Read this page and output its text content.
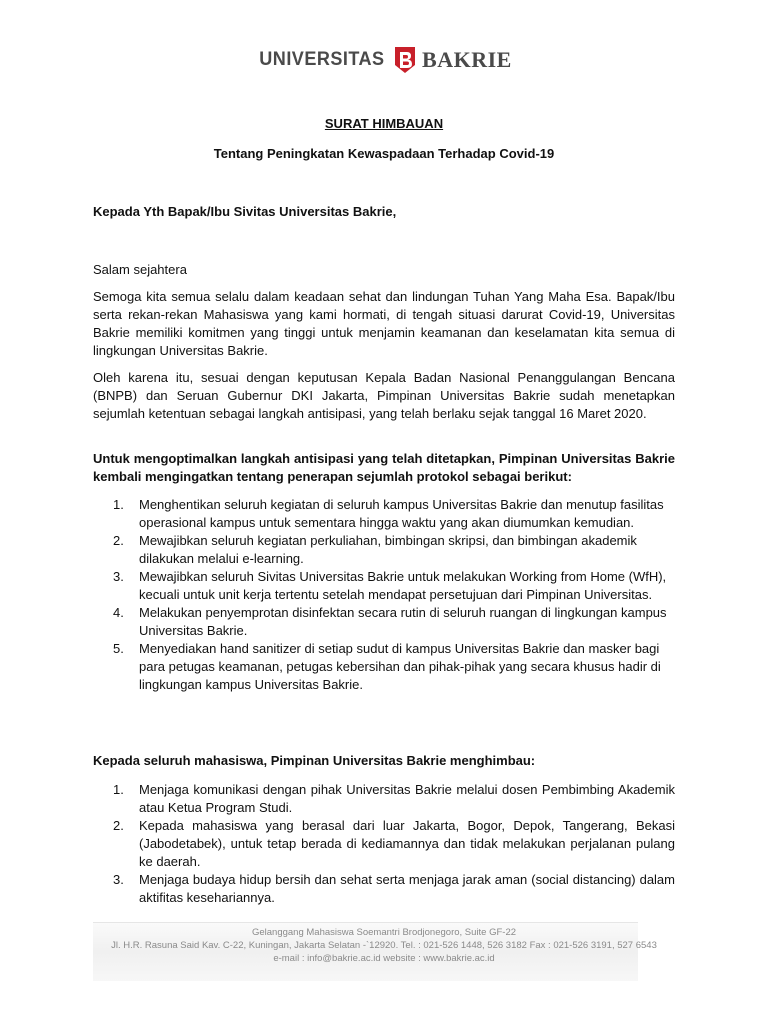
UNIVERSITAS BAKRIE
SURAT HIMBAUAN
Tentang Peningkatan Kewaspadaan Terhadap Covid-19
Kepada Yth Bapak/Ibu Sivitas Universitas Bakrie,
Salam sejahtera
Semoga kita semua selalu dalam keadaan sehat dan lindungan Tuhan Yang Maha Esa. Bapak/Ibu serta rekan-rekan Mahasiswa yang kami hormati, di tengah situasi darurat Covid-19, Universitas Bakrie memiliki komitmen yang tinggi untuk menjamin keamanan dan keselamatan kita semua di lingkungan Universitas Bakrie.
Oleh karena itu, sesuai dengan keputusan Kepala Badan Nasional Penanggulangan Bencana (BNPB) dan Seruan Gubernur DKI Jakarta, Pimpinan Universitas Bakrie sudah menetapkan sejumlah ketentuan sebagai langkah antisipasi, yang telah berlaku sejak tanggal 16 Maret 2020.
Untuk mengoptimalkan langkah antisipasi yang telah ditetapkan, Pimpinan Universitas Bakrie kembali mengingatkan tentang penerapan sejumlah protokol sebagai berikut:
1. Menghentikan seluruh kegiatan di seluruh kampus Universitas Bakrie dan menutup fasilitas operasional kampus untuk sementara hingga waktu yang akan diumumkan kemudian.
2. Mewajibkan seluruh kegiatan perkuliahan, bimbingan skripsi, dan bimbingan akademik dilakukan melalui e-learning.
3. Mewajibkan seluruh Sivitas Universitas Bakrie untuk melakukan Working from Home (WfH), kecuali untuk unit kerja tertentu setelah mendapat persetujuan dari Pimpinan Universitas.
4. Melakukan penyemprotan disinfektan secara rutin di seluruh ruangan di lingkungan kampus Universitas Bakrie.
5. Menyediakan hand sanitizer di setiap sudut di kampus Universitas Bakrie dan masker bagi para petugas keamanan, petugas kebersihan dan pihak-pihak yang secara khusus hadir di lingkungan kampus Universitas Bakrie.
Kepada seluruh mahasiswa, Pimpinan Universitas Bakrie menghimbau:
1. Menjaga komunikasi dengan pihak Universitas Bakrie melalui dosen Pembimbing Akademik atau Ketua Program Studi.
2. Kepada mahasiswa yang berasal dari luar Jakarta, Bogor, Depok, Tangerang, Bekasi (Jabodetabek), untuk tetap berada di kediamannya dan tidak melakukan perjalanan pulang ke daerah.
3. Menjaga budaya hidup bersih dan sehat serta menjaga jarak aman (social distancing) dalam aktifitas kesehariannya.
Gelanggang Mahasiswa Soemantri Brodjonegoro, Suite GF-22
Jl. H.R. Rasuna Said Kav. C-22, Kuningan, Jakarta Selatan -`12920. Tel. : 021-526 1448, 526 3182 Fax : 021-526 3191, 527 6543
e-mail : info@bakrie.ac.id website : www.bakrie.ac.id
